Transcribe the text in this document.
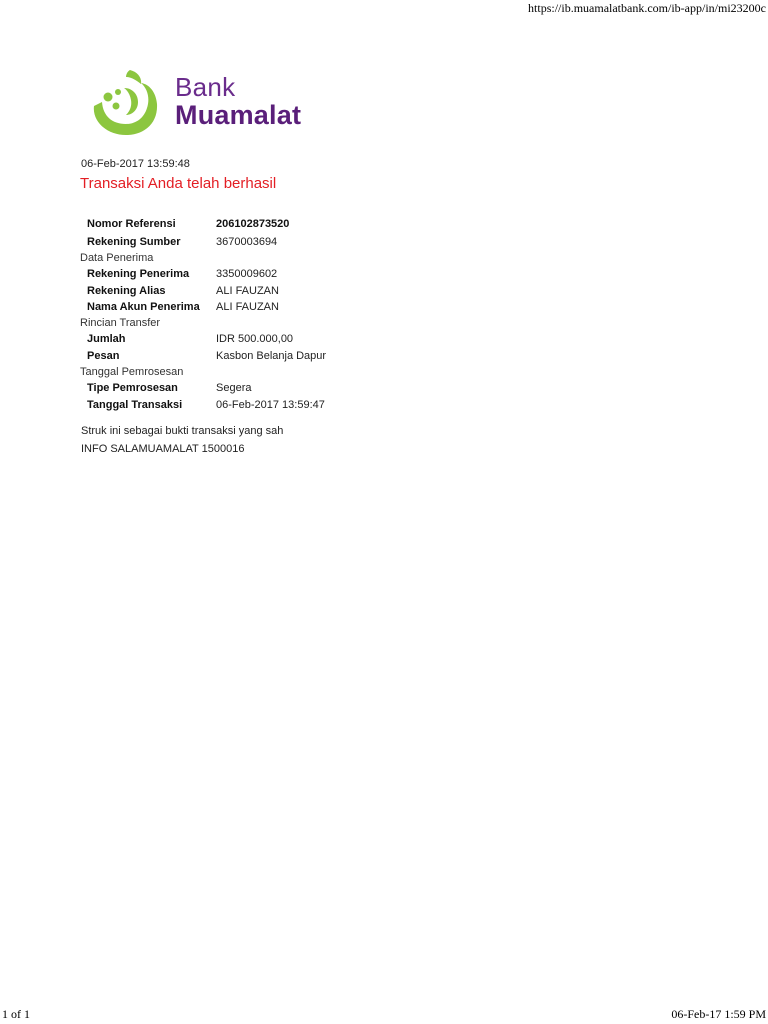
https://ib.muamalatbank.com/ib-app/in/mi23200c
Bank
Muamalat
06-Feb-2017 13:59:48
Transaksi Anda telah berhasil
Nomor Referensi	206102873520
Rekening Sumber	3670003694
Data Penerima
Rekening Penerima 3350009602
Rekening Alias	ALI FAUZAN
Nama Akun Penerima ALI FAUZAN
Rincian Transfer
Jumlah	IDR 500.000,00
Pesan	Kasbon Belanja Dapur
Tanggal Pemrosesan
Tipe Pemrosesan	Segera
Tanggal Transaksi	06-Feb-2017 13:59:47
Struk ini sebagai bukti transaksi yang sah
INFO SALAMUAMALAT 1500016
1 of 1	06-Feb-17 1:59 PM
